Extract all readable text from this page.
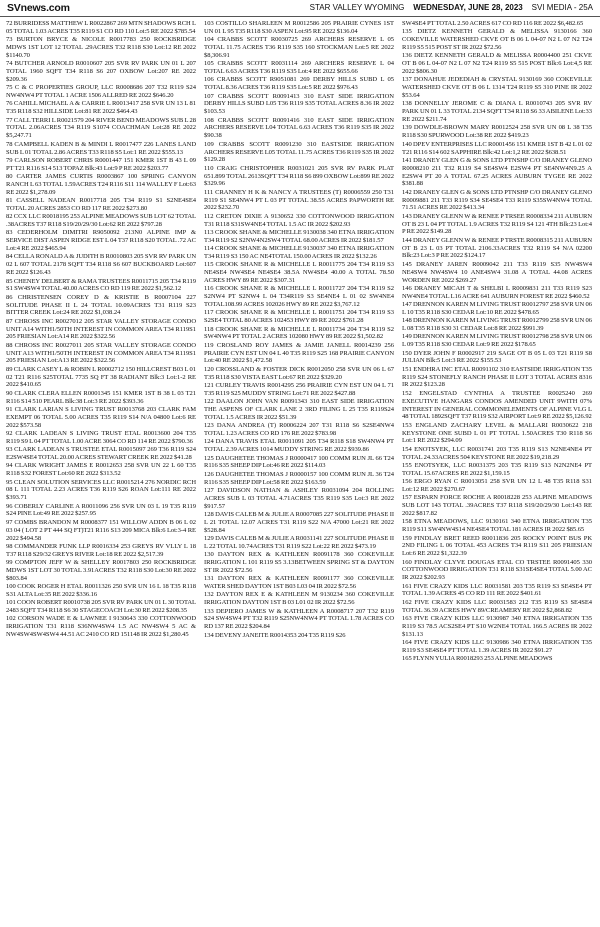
SVnews.com	STAR VALLEY WYOMING WEDNESDAY, JUNE 28, 2023 SVI MEDIA - 25A

72 BURRIDESS MATTHEW L R0022867 269 MTN SHADOWS RCH L 05 TOTAL 1.03 ACRES T35 R119 S1 CO RD 110 Lot:5 RE 2022 $785.54

73 BURTON BRYCE & NICOLE R0017783 250 ROCKBRIDGE MDWS 1ST LOT 12 TOTAL .29ACRES T32 R118 S30 Lot:12 RE 2022 $1140.70

74 BUTCHER ARNOLD R0010607 205 SVR RV PARK UN 01 L 207 TOTAL 1960 SQFT T34 R118 S6 207 OXBOW Lot:207 RE 2022 $209.36

75 C & C PROPERTIES GROUP, LLC R0008686 207 T32 R119 S24 NW4NW4 PT TOTAL 1 ACRE 1506 ALLRED RE 2022 $646.20

76 CAHILL MICHAEL A & CARRIE L R0013417 258 SVR UN 13 L 81 T35 R118 S32 HILLSIDE Lot:81 RE 2022 $464.43

77 CALL TERRI L R0021579 204 RIVER BEND MEADOWS SUB L 28 TOTAL 2.06ACRES T34 R119 S1074 COACHMAN Lot:28 RE 2022 $5,247.71

78 CAMPBELL KADEN B & MINDI L R0017477 226 LANES LAND SUB L 01 TOTAL 2.86 ACRES T33 R118 S5 Lot:1 RE 2022 $555.13

79 CARLSON ROBERT CHRIS R0001447 151 KMER 1ST B 43 L 09 PT T21 R116 S14 513 TOPAZ Blk:43 Lot:9 P RE 2022 $203.77

80 CARTER JAMES CURTIS R0003867 100 SPRING CANYON RANCH L 63 TOTAL 1.59ACRES T24 R116 S11 114 WALLEY F Lot:63 RE 2022 $1,278.09

81 CASSELL NADEAN R0017718 205 T34 R119 S1 S2NE4SE4 TOTAL 20 ACRES 2853 CO RD 117 RE 2022 $273.80

82 CCX LLC R0018195 253 ALPINE MEADOWS SUB LOT 62 TOTAL .38ACRES T37 R118 S19/20/29/30 Lot:62 RE 2022 $797.28

83 CEDERHOLM DIMITRI R9050092 213N0 ALPINE IMP & SERVICE DIST ASPEN RIDGE EST L 04 T37 R118 S20 TOTAL .72 AC Lot:4 RE 2022 $465.94

84 CELLA RONALD A & JUDITH B R0010803 205 SVR RV PARK UN 02 L 607 TOTAL 2178 SQFT T34 R118 S6 607 BUCKBOARD Lot:607 RE 2022 $126.43

85 CHENEY DELBERT & RAMA TRUSTEES R0011715 205 T34 R119 S1 SW4SW4 TOTAL 40.00 ACRES CO RD 119 RE 2022 $1,562.12

86 CHRISTENSEN COREY D & KRISTIE B R0007104 227 SOLITUDE PHASE II L 24 TOTAL 10.09ACRES T31 R119 S23 BITTER CREEK Lot:24 RE 2022 $1,038.24

87 CHROSS INC R0027012 205 STAR VALLEY STORAGE CONDO UNIT A14 WITH1/50TH INTEREST IN COMMON AREA T34 R119S1 205 FRIESIAN Lot:A14 RE 2022 $322.56

88 CHROSS INC R0027011 205 STAR VALLEY STORAGE CONDO UNIT A13 WITH1/50TH INTEREST IN COMMON AREA T34 R119S1 205 FRIESIAN Lot:A13 RE 2022 $322.56

89 CLARK CASEY L & ROBIN L R0002712 150 HILLCREST B03 L 01 02 T21 R116 S25TOTAL 7735 SQ FT 38 RADIANT Blk:3 Lot:1-2 RE 2022 $410.65

90 CLARK CLERA ELLEN R0001345 151 KMER 1ST B 38 L 03 T21 R116 S14 510 PEARL Blk:38 Lot:3 RE 2022 $393.36

91 CLARK LARIAN S LIVING TRUST R0013768 203 CLARK FAM EXEMPT 06 TOTAL 5.00 ACRES T35 R119 S14 N/A 04800 Lot:6 RE 2022 $573.58

92 CLARK LADEAN S LIVING TRUST ETAL R0013600 204 T35 R119 S9 L 04 PT TOTAL 1.00 ACRE 3064 CO RD 114 RE 2022 $790.36

93 CLARK LADEAN S TRUSTEE ETAL R0015097 269 T36 R119 S24 E2SW4SE4 TOTAL 20.00 ACRES STEWART CREEK RE 2022 $41.28

94 CLARK WRIGHT JAMES E R0012653 258 SVR UN 22 L 60 T35 R118 S32 FOREST Lot:60 RE 2022 $313.52

95 CLEAN SOLUTION SERVICES LLC R0015214 276 NORDIC RCH 08 L 111 TOTAL 2.23 ACRES T36 R119 S26 ROAN Lot:111 RE 2022 $393.71

96 COBERLY CARLINE A R0011096 256 SVR UN 03 L 19 T35 R119 S24 PINE Lot:49 RE 2022 $257.95

97 COMBS BRANDON M R0008377 151 WILLOW ADDN B 06 L 02 03 04 ( LOT 2 PT 444 SQ FT)T21 R116 S13 209 MICA Blk:6 Lot:3-4 RE 2022 $494.58

98 COMMANDER FUNK LLP R0016334 253 GREYS RV VLLY L 18 T37 R118 S29/32 GREYS RIVER Lot:18 RE 2022 $2,517.39

99 COMPTON JEFF W & SHELLEY R0017803 250 ROCKBRIDGE MDWS 1ST LOT 30 TOTAL 3.91ACRES T32 R118 S30 Lot:30 RE 2022 $803.84

100 COOK ROGER H ETAL R0011326 250 SVR UN 16 L 18 T35 R118 S31 ALTA Lot:35 RE 2022 $336.16

101 COON ROBERT R0010738 205 SVR RV PARK UN 01 L 30 TOTAL 2483 SQFT T34 R118 S6 30 STAGECOACH Lot:30 RE 2022 $208.35

102 CORSON WADE E & LAWNEE I 9130643 330 COTTONWOOD IRRIGATION T31 R118 S36NW4SW4 1.5 AC NW4SW4 5 AC & NW4SW4SW4SW4 44.51 AC 2410 CO RD 151148 IR 2022 $1,280.45

103 COSTILLO SHARLEEN M R0012586 205 PRAIRIE CYNES 1ST UN 01 L 95 T35 R118 S30 ASPEN Lot:95 RE 2022 $136.04

104 CRABBS SCOTT R0030725 269 ARCHERS RESERVE L 05 TOTAL 11.75 ACRES T36 R119 S35 160 STOCKMAN Lot:5 RE 2022 $8,306.91

105 CRABBS SCOTT R0031114 269 ARCHERS RESERVE L 04 TOTAL 6.63 ACRES T36 R119 S35 Lot:4 RE 2022 $655.66

106 CRABBS SCOTT R9051081 269 DERBY HILLS SUBD L 05 TOTAL 8.36 ACRES T36 R119 S35 Lot:5 RE 2022 $976.43

107 CRABBS SCOTT R0091413 310 EAST SIDE IRRIGATION DERBY HILLS SUBD L05 T36 R119 S35 TOTAL ACRES 8.36 IR 2022 $103.53

108 CRABBS SCOTT R0091416 310 EAST SIDE IRRIGATION ARCHERS RESERVE L04 TOTAL 6.63 ACRES T36 R119 S35 IR 2022 $90.38

109 CRABBS SCOTT R0091230 310 EASTSIDE IRRIGATION ARCHERS RESERVE L05 TOTAL 11.75 ACRES T36 R119 S35 IR 2022 $129.28

110 CRAIG CHRISTOPHER R0031021 205 SVR RV PARK PLAT 651.899 TOTAL 2613SQFT T34 R118 S6 899 OXBOW Lot:899 RE 2022 $329.96

111 CRANNEY H K & NANCY A TRUSTEES (T) R0006559 250 T31 R119 S1 SE4NW4 PT L 03 PT TOTAL 38.55 ACRES PAPWORTH RE 2022 $232.70

112 CRETON DIXIE A 9130652 330 COTTONWOOD IRRIGATION T31 R118 S31SW4NE4 TOTAL 1.5 AC IR 2022 $202.93

113 CROOK SHANE & MICHELLE 9130038 340 ETNA IRRIGATION T34 R119 S2 S2NW4N2SW4 TOTAL 68.00 ACRES IR 2022 $181.57

114 CROOK SHANE & MICHELLE 9130037 340 ETNA IRRIGATION T34 R119 S3 150 AC NE4TOTAL 150.00 ACRES IR 2022 $132.26

115 CROOK SHANE R & MICHELLE L R0011775 204 T34 R119 S3 NE4SE4 NW4SE4 NE4SE4 38.5A NW4SE4 40.00 A TOTAL 78.50 ACRES HWY 89 RE 2022 $307.31

116 CROOK SHANE R & MICHELLE L R0011727 204 T34 R119 S2 S2NW4 PT S2NW4 L 04 T34R119 S3 SE4NE4 L 01 02 SW4NE4 TOTAL108.99 ACRES 102026 HWY 89 RE 2022 $3,767.12

117 CROOK SHANE R & MICHELLE L R0011751 204 T34 R119 S3 S2SE4 TOTAL 80 ACRES 102453 HWY 89 RE 2022 $761.28

118 CROOK SHANE R & MICHELLE L R0011734 204 T34 R119 S2 SW4NW4 PT TOTAL 2 ACRES 102080 HWY 89 RE 2022 $1,502.82

119 CROSLAND ROY JAMES & JAMIE JANELL R0014239 256 PRAIRIE CYN EST UN 04 L 40 T35 R119 S25 168 PRAIRIE CANYON Lot:40 RE 2022 $1,472.58

120 CROSSLAND & FOSTER DICK R0012050 258 SVR UN 06 L 67 T35 R118 S30 VISTA EAST Lot:67 RE 2022 $329.20

121 CURLEY TRAVIS R0014295 256 PRAIRIE CYN EST UN 04 L 71 T35 R119 S25 MUDDY STRING Lot:71 RE 2022 $427.88

122 DAALON JOHN VAN R0091343 310 EAST SIDE IRRIGATION THE ASPENS OF CLARK LANE 2 3RD FILING L 25 T35 R119S24 TOTAL 1.5 ACRES IR 2022 $51.39

123 DANA ANDREA (T) R0006224 207 T31 R118 S6 S2SE4NW4 TOTAL 1.23 ACRES CO RD 176 RE 2022 $783.98

124 DANA TRAVIS ETAL R0011091 205 T34 R118 S18 SW4NW4 PT TOTAL 2.39 ACRES 1014 MUDDY STRING RE 2022 $939.86

125 DAUGHETEE THOMAS J R0000417 100 COMM RUN JL 66 T24 R116 S35 SHEEP DIP Lot:46 RE 2022 $114.03

126 DAUGHETEE THOMAS J R0000157 100 COMM RUN JL 36 T24 R116 S35 SHEEP DIP Lot:58 RE 2022 $163.59

127 DAVIDSON NATHAN & ASHLEY R0031094 204 ROLLING ACRES SUB L 03 TOTAL 4.71ACRES T35 R119 S35 Lot:3 RE 2022 $917.57

128 DAVIS CALEB M & JULIE A R0007085 227 SOLITUDE PHASE II L 21 TOTAL 12.07 ACRES T31 R119 S22 N/A 47000 Lot:21 RE 2022 $528.84

129 DAVIS CALEB M & JULIE A R0031141 227 SOLITUDE PHASE II L 22 TOTAL 10.74ACRES T31 R119 S22 Lot:22 RE 2022 $473.19

130 DAYTON REX & KATHLEEN R0091178 360 COKEVILLE IRRIGATION L 101 R119 S5 3.13BETWEEN SPRING ST & DAYTON ST IR 2022 $72.56

131 DAYTON REX & KATHLEEN R0091177 360 COKEVILLE WATER SHED DAYTON 1ST B03 L03 04 IR 2022 $72.56

132 DAYTON REX E & KATHLEEN M 9130234 360 COKEVILLE IRRIGATION DAYTON 1ST B 03 L01 02 IR 2022 $72.56

133 DEPIERO JAMES W & KATHLEEN A R0008717 207 T32 R119 S24 SW4SW4 PT T32 R119 S25NW4NW4 PT TOTAL 1.78 ACRES CO RD 137 RE 2022 $204.84

134 DEVENY JANEITE R0014353 204 T35 R119 S26

SW4SE4 PT TOTAL 2.50 ACRES 617 CO RD 116 RE 2022 $6,482.65

135 DIETZ KENNETH GERALD & MELISSA 9130166 360 COKEVILLE WATERSHED CKVE OT B 06 L 04-07 N2 L 07 N2 T24 R119 S5 515 POST ST IR 2022 $72.56

136 DIETZ KENNETH GERALD & MELISSA R0004400 251 CKVE OT B 06 L 04-07 N2 L 07 N2 T24 R119 S5 515 POST Blk:6 Lot:4,5 RE 2022 $806.30

137 DONAHUE JEDEDIAH & CRYSTAL 9130169 360 COKEVILLE WATERSHED CKVE OT B 06 L 1314 T24 R119 S5 310 PINE IR 2022 $53.64

138 DONNELLY JEROME C & DIANA L R0010743 205 SVR RV PARK UN 01 L 33 TOTAL 2134 SQFT T34 R118 S6 33 ABILENE Lot:33 RE 2022 $211.74

139 DOWDLE-BROWN MARY R0012524 258 SVR UN 08 L 38 T35 R118 S30 SPURWOOD Lot:38 RE 2022 $419.23

140 DPEV ENTERPRISES LLC R0001456 151 KMER 1ST B 42 L 01 02 T21 R116 S14 602 SAPPHIRE Blk:42 Lot:1,2 RE 2022 $638.51

141 DRANEY GLEN G & SONS LTD PTNSHP C/O DRANEY GLENO R0008210 211 T32 R119 S4 SE4SW4 E2SW4 PT SE4NW4N9.25 A E2SW4 PT 20 A TOTAL 67.25 ACRES AUBURN TYGEE RE 2022 $381.88

142 DRANEY GLEN G & SONS LTD PTNSHP C/O DRANEY GLENO R0009881 211 T33 R119 S34 SE4SE4 T33 R119 S35SW4NW4 TOTAL 71.51 ACRES RE 2022 $413.34

143 DRANEY GLENN W & RENEE P TRSEE R0008334 211 AUBURN OT B 23 L 04 PT TOTAL 1.9 ACRES T32 R119 S4 121 4TH Blk:23 Lot:4 P RE 2022 $149.28

144 DRANEY GLENN W & RENEE P TRSTE R0008315 211 AUBURN OT B 23 L 03 PT TOTAL 2106.33ACRES T32 R119 S4 N/A 02200 Blk:23 Lot:3 P RE 2022 $124.17

145 DRANEY JAREN R0009042 211 T33 R119 S35 NW4SW4 NE4SW4 NW4SW4 10 ANE4SW4 31.08 A TOTAL 44.08 ACRES WORDEN RE 2022 $269.27

146 DRANEY MICAH T & SHELBI L R0009831 211 T33 R119 S23 NW4NE4 TOTAL L16 ACRE 641 AUBURN FOREST RE 2022 $460.52

147 DRENNON KAREN M LIVING TRUST R0012797 258 SVR UN 06 L 10 T35 R118 S30 CEDAR Lot:10 RE 2022 $478.65

148 DRENNON KAREN M LIVING TRUST R0012799 258 SVR UN 06 L 08 T35 R118 S30 31 CEDAR Lot:8 RE 2022 $991.39

149 DRENNON KAREN M LIVING TRUST R0012798 258 SVR UN 06 L 09 T35 R118 S30 CEDAR Lot:9 RE 2022 $178.65

150 DYER JOHN F R0002917 219 SAGE OT B 05 L 03 T21 R119 S8 JULIAN Blk:5 Lot:3 RE 2022 $155.53

151 ENDHRA INC ETAL R0091102 310 EASTSIDE IRRIGATION T35 R119 S24 STONEFLY RANCH PHASE II LOT 3 TOTAL ACRES 8316 IR 2022 $123.28

152 ENGELSTAD CYNTHIA A TRUSTEE R0025240 269 EXECUTIVE HANGARS CONDOS AMENDED UNIT 9WITH 07% INTEREST IN GENERAL COMMONELEMENTS OF ALPINE VLG L 48 TOTAL 1892SQFT T37 R119 S32 AIRPORT Lot:9 RE 2022 $5,126.92

153 ENGLAND ZACHARY LEVEL & MALLARI R0030622 218 KEYSTONE ONE SUBD L 01 PT TOTAL 1.50ACRES T30 R118 S6 Lot:1 RE 2022 $294.09

154 ENOTSYEK, LLC R0031741 203 T35 R119 S13 N2NE4NE4 PT TOTAL 24.33ACRES 504 KEYSTONE RE 2022 $19,218.29

155 ENOTSYEK, LLC R0031375 203 T35 R119 S13 N2N2NE4 PT TOTAL 15.67ACRES RE 2022 $1,159.15

156 ERGO RYAN C R0013051 258 SVR UN 12 L 48 T35 R118 S31 Lot:12 RE 2022 $270.67

157 ESPARN FORCE ROCHE A R0018228 253 ALPINE MEADOWS SUB LOT 143 TOTAL .39ACRES T37 R118 S19/20/29/30 Lot:143 RE 2022 $817.82

158 ETNA MEADOWS, LLC 9130161 340 ETNA IRRIGATION T35 R119 S11 SW4NW4S14 NE4SE4 TOTAL 181 ACRES IR 2022 $85.65

159 FINDLAY BRET REED R0011836 205 ROCKY POINT BUS PK 2ND FILING L 06 TOTAL 453 ACRES T34 R119 S11 205 FRIESIAN Lot:6 RE 2022 $1,322.39

160 FINDLAY CLYVE DOUGAS ETAL CO TRSTEE R0091405 330 COTTONWOOD IRRIGATION T31 R118 S31SE4SE4 TOTAL 5.00 AC IR 2022 $202.93

161 FIVE CRAZY KIDS LLC R0031581 203 T35 R119 S3 SE4SE4 PT TOTAL 1.39 ACRES 45 CO RD 111 RE 2022 $401.61

162 FIVE CRAZY KIDS LLC R0031583 212 T35 R119 S3 SE4SE4 TOTAL 36.39 ACRES HWY 89/CREAMERY RE 2022 $2,868.82

163 FIVE CRAZY KIDS LLC 9130987 340 ETNA IRRIGATION T35 R119 S3 78.5 ACS2SE4 PT S10 W2NE4 TOTAL 166.5 ACRES IR 2022 $131.13

164 FIVE CRAZY KIDS LLC 9130986 340 ETNA IRRIGATION T35 R119 S3 SE4SE4 PT TOTAL 1.39 ACRES IR 2022 $91.27

165 FLYNN YULIA R0018293 253 ALPINE MEADOWS
